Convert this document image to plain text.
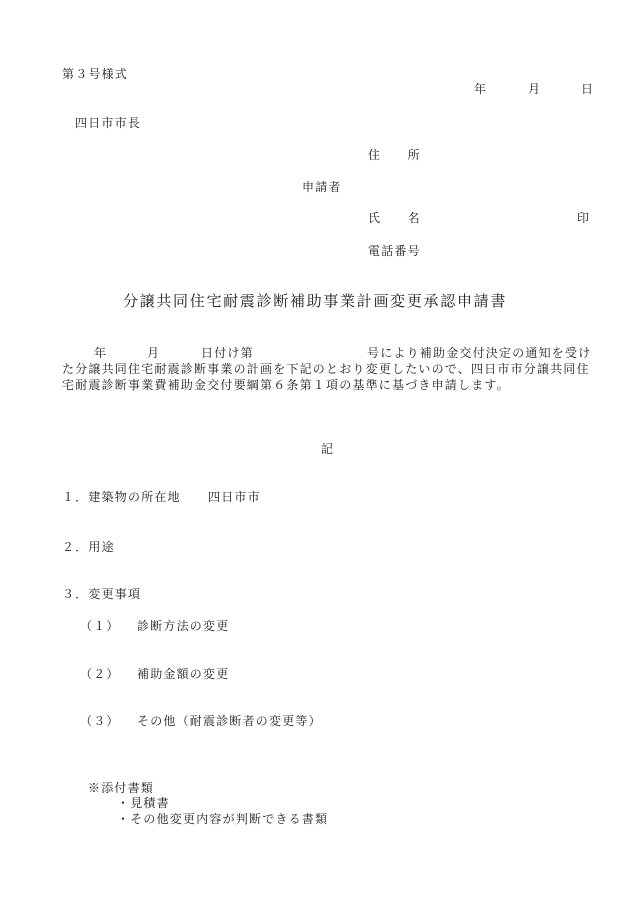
第３号様式
年	月	日
四日市市長
住　　所
申請者
氏　　名	印
電話番号
分譲共同住宅耐震診断補助事業計画変更承認申請書
年	月	日付け第	号により補助金交付決定の通知を受け
た分譲共同住宅耐震診断事業の計画を下記のとおり変更したいので、四日市市分譲共同住
宅耐震診断事業費補助金交付要綱第６条第１項の基準に基づき申請します。
記
１．建築物の所在地 四日市市
２．用途
３．変更事項
（１） 診断方法の変更
（２） 補助金額の変更
（３） その他（耐震診断者の変更等）
※添付書類
・見積書
・その他変更内容が判断できる書類
